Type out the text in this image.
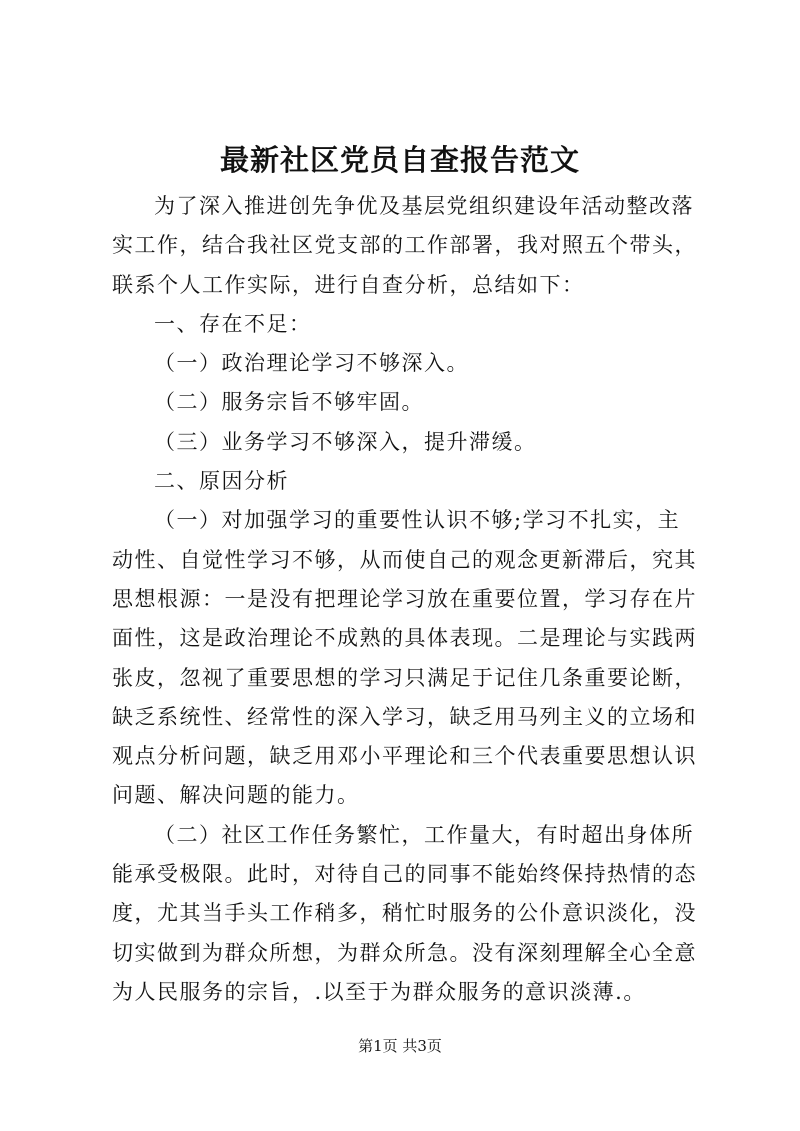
最新社区党员自查报告范文

为了深入推进创先争优及基层党组织建设年活动整改落实工作，结合我社区党支部的工作部署，我对照五个带头，联系个人工作实际，进行自查分析，总结如下：

一、存在不足：

（一）政治理论学习不够深入。

（二）服务宗旨不够牢固。

（三）业务学习不够深入，提升滞缓。

二、原因分析

（一）对加强学习的重要性认识不够;学习不扎实，主动性、自觉性学习不够，从而使自己的观念更新滞后，究其思想根源：一是没有把理论学习放在重要位置，学习存在片面性，这是政治理论不成熟的具体表现。二是理论与实践两张皮，忽视了重要思想的学习只满足于记住几条重要论断，缺乏系统性、经常性的深入学习，缺乏用马列主义的立场和观点分析问题，缺乏用邓小平理论和三个代表重要思想认识问题、解决问题的能力。

（二）社区工作任务繁忙，工作量大，有时超出身体所能承受极限。此时，对待自己的同事不能始终保持热情的态度，尤其当手头工作稍多，稍忙时服务的公仆意识淡化，没切实做到为群众所想，为群众所急。没有深刻理解全心全意为人民服务的宗旨，.以至于为群众服务的意识淡薄.。

第1页 共3页
